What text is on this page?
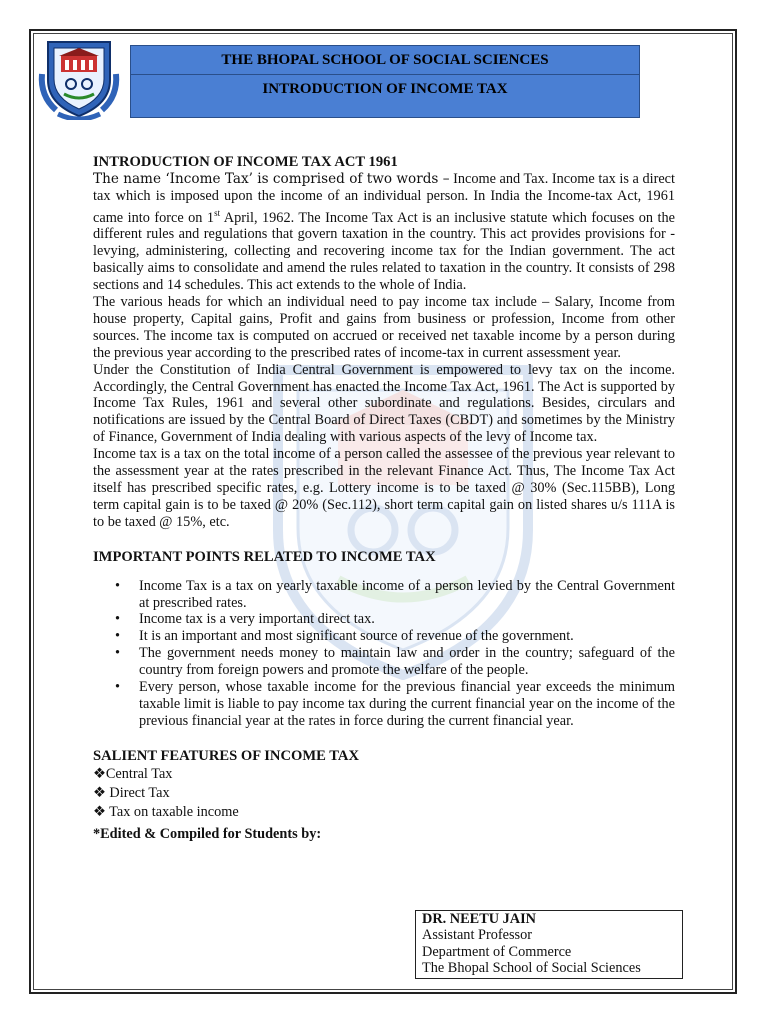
THE BHOPAL SCHOOL OF SOCIAL SCIENCES
INTRODUCTION OF INCOME TAX
INTRODUCTION OF INCOME TAX ACT 1961

The name ‘Income Tax’ is comprised of two words – Income and Tax. Income tax is a direct tax which is imposed upon the income of an individual person. In India the Income-tax Act, 1961 came into force on 1st April, 1962. The Income Tax Act is an inclusive statute which focuses on the different rules and regulations that govern taxation in the country. This act provides provisions for - levying, administering, collecting and recovering income tax for the Indian government. The act basically aims to consolidate and amend the rules related to taxation in the country. It consists of 298 sections and 14 schedules. This act extends to the whole of India.

The various heads for which an individual need to pay income tax include – Salary, Income from house property, Capital gains, Profit and gains from business or profession, Income from other sources. The income tax is computed on accrued or received net taxable income by a person during the previous year according to the prescribed rates of income-tax in current assessment year.

Under the Constitution of India Central Government is empowered to levy tax on the income. Accordingly, the Central Government has enacted the Income Tax Act, 1961. The Act is supported by Income Tax Rules, 1961 and several other subordinate and regulations. Besides, circulars and notifications are issued by the Central Board of Direct Taxes (CBDT) and sometimes by the Ministry of Finance, Government of India dealing with various aspects of the levy of Income tax.

Income tax is a tax on the total income of a person called the assessee of the previous year relevant to the assessment year at the rates prescribed in the relevant Finance Act. Thus, The Income Tax Act itself has prescribed specific rates, e.g. Lottery income is to be taxed @ 30% (Sec.115BB), Long term capital gain is to be taxed @ 20% (Sec.112), short term capital gain on listed shares u/s 111A is to be taxed @ 15%, etc.

IMPORTANT POINTS RELATED TO INCOME TAX
• Income Tax is a tax on yearly taxable income of a person levied by the Central Government at prescribed rates.
• Income tax is a very important direct tax.
• It is an important and most significant source of revenue of the government.
• The government needs money to maintain law and order in the country; safeguard of the country from foreign powers and promote the welfare of the people.
• Every person, whose taxable income for the previous financial year exceeds the minimum taxable limit is liable to pay income tax during the current financial year on the income of the previous financial year at the rates in force during the current financial year.
SALIENT FEATURES OF INCOME TAX
❖Central Tax
❖ Direct Tax
❖ Tax on taxable income
*Edited & Compiled for Students by:
DR. NEETU JAIN
Assistant Professor
Department of Commerce
The Bhopal School of Social Sciences
